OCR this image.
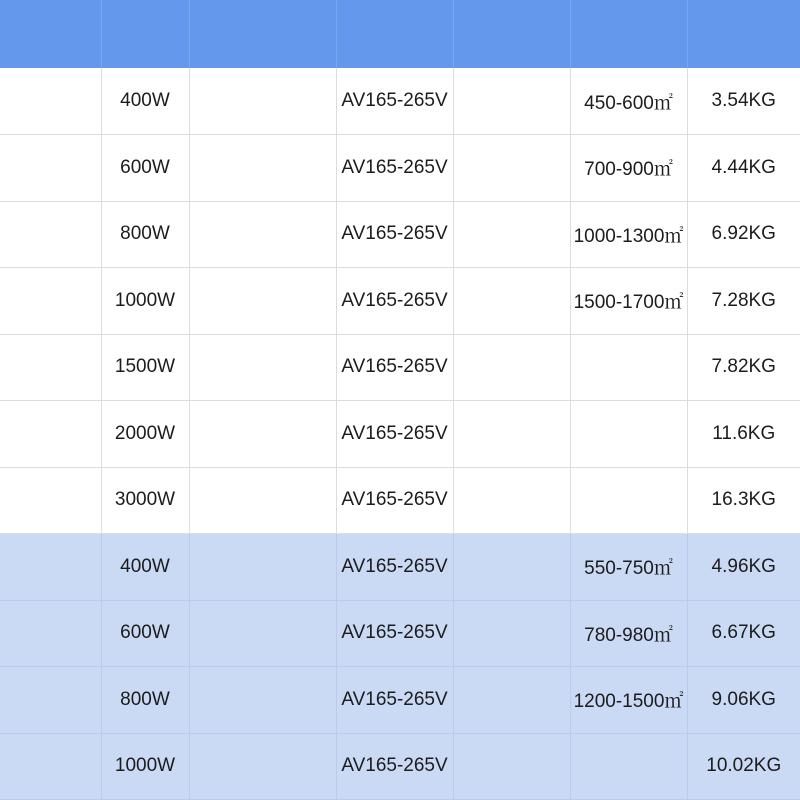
	400W		AV165-265V		450-600㎡	3.54KG
	600W		AV165-265V		700-900㎡	4.44KG
	800W		AV165-265V		1000-1300㎡	6.92KG
	1000W		AV165-265V		1500-1700㎡	7.28KG
	1500W		AV165-265V			7.82KG
	2000W		AV165-265V			11.6KG
	3000W		AV165-265V			16.3KG
	400W		AV165-265V		550-750㎡	4.96KG
	600W		AV165-265V		780-980㎡	6.67KG
	800W		AV165-265V		1200-1500㎡	9.06KG
	1000W		AV165-265V			10.02KG
